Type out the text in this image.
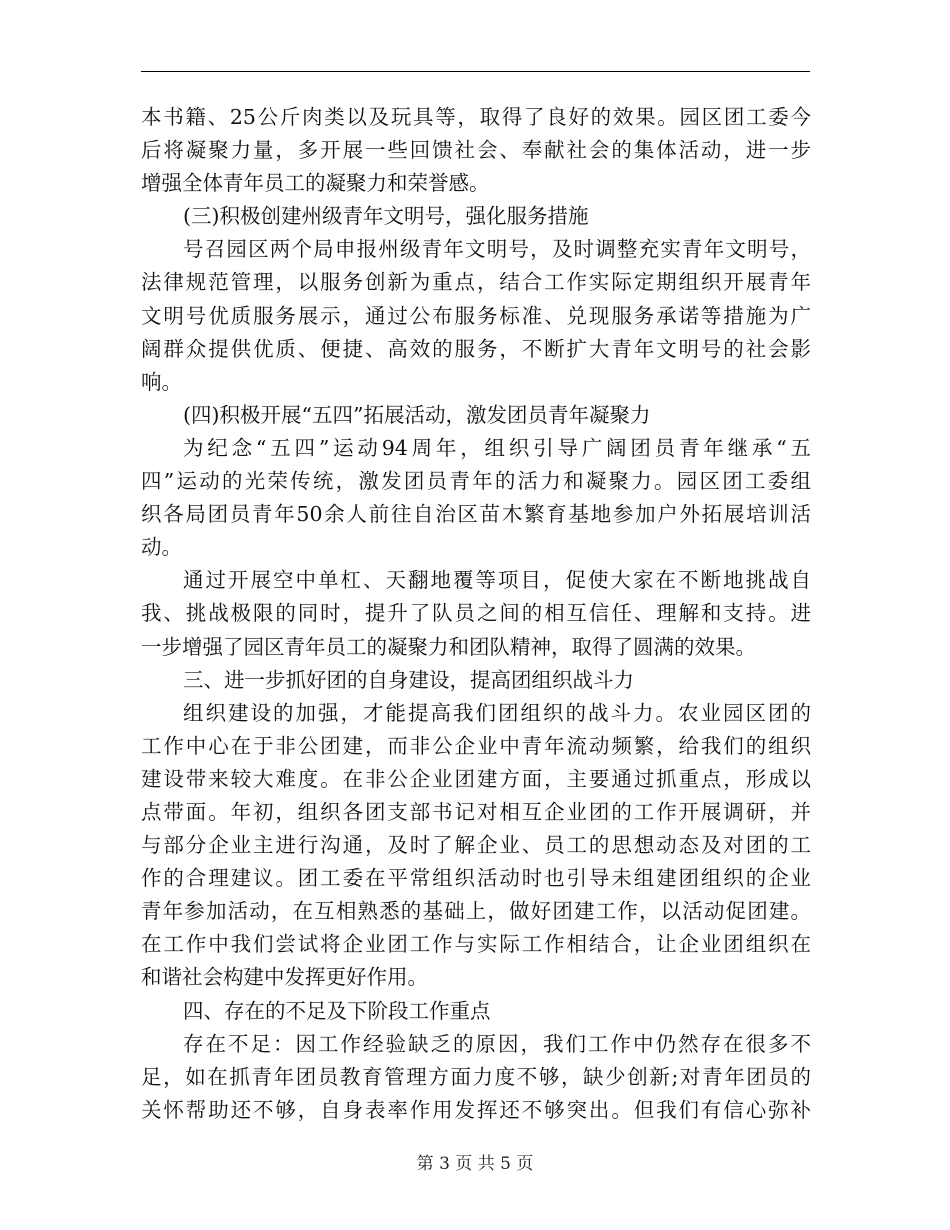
本书籍、25公斤肉类以及玩具等，取得了良好的效果。园区团工委今

后将凝聚力量，多开展一些回馈社会、奉献社会的集体活动，进一步

增强全体青年员工的凝聚力和荣誉感。

(三)积极创建州级青年文明号，强化服务措施

号召园区两个局申报州级青年文明号，及时调整充实青年文明号，

法律规范管理，以服务创新为重点，结合工作实际定期组织开展青年

文明号优质服务展示，通过公布服务标准、兑现服务承诺等措施为广

阔群众提供优质、便捷、高效的服务，不断扩大青年文明号的社会影

响。

(四)积极开展“五四”拓展活动，激发团员青年凝聚力

为纪念“五四”运动94周年，组织引导广阔团员青年继承“五

四”运动的光荣传统，激发团员青年的活力和凝聚力。园区团工委组

织各局团员青年50余人前往自治区苗木繁育基地参加户外拓展培训活

动。

通过开展空中单杠、天翻地覆等项目，促使大家在不断地挑战自

我、挑战极限的同时，提升了队员之间的相互信任、理解和支持。进

一步增强了园区青年员工的凝聚力和团队精神，取得了圆满的效果。

三、进一步抓好团的自身建设，提高团组织战斗力

组织建设的加强，才能提高我们团组织的战斗力。农业园区团的

工作中心在于非公团建，而非公企业中青年流动频繁，给我们的组织

建设带来较大难度。在非公企业团建方面，主要通过抓重点，形成以

点带面。年初，组织各团支部书记对相互企业团的工作开展调研，并

与部分企业主进行沟通，及时了解企业、员工的思想动态及对团的工

作的合理建议。团工委在平常组织活动时也引导未组建团组织的企业

青年参加活动，在互相熟悉的基础上，做好团建工作，以活动促团建。

在工作中我们尝试将企业团工作与实际工作相结合，让企业团组织在

和谐社会构建中发挥更好作用。

四、存在的不足及下阶段工作重点

存在不足：因工作经验缺乏的原因，我们工作中仍然存在很多不

足，如在抓青年团员教育管理方面力度不够，缺少创新;对青年团员的

关怀帮助还不够，自身表率作用发挥还不够突出。但我们有信心弥补

第 3 页 共 5 页
